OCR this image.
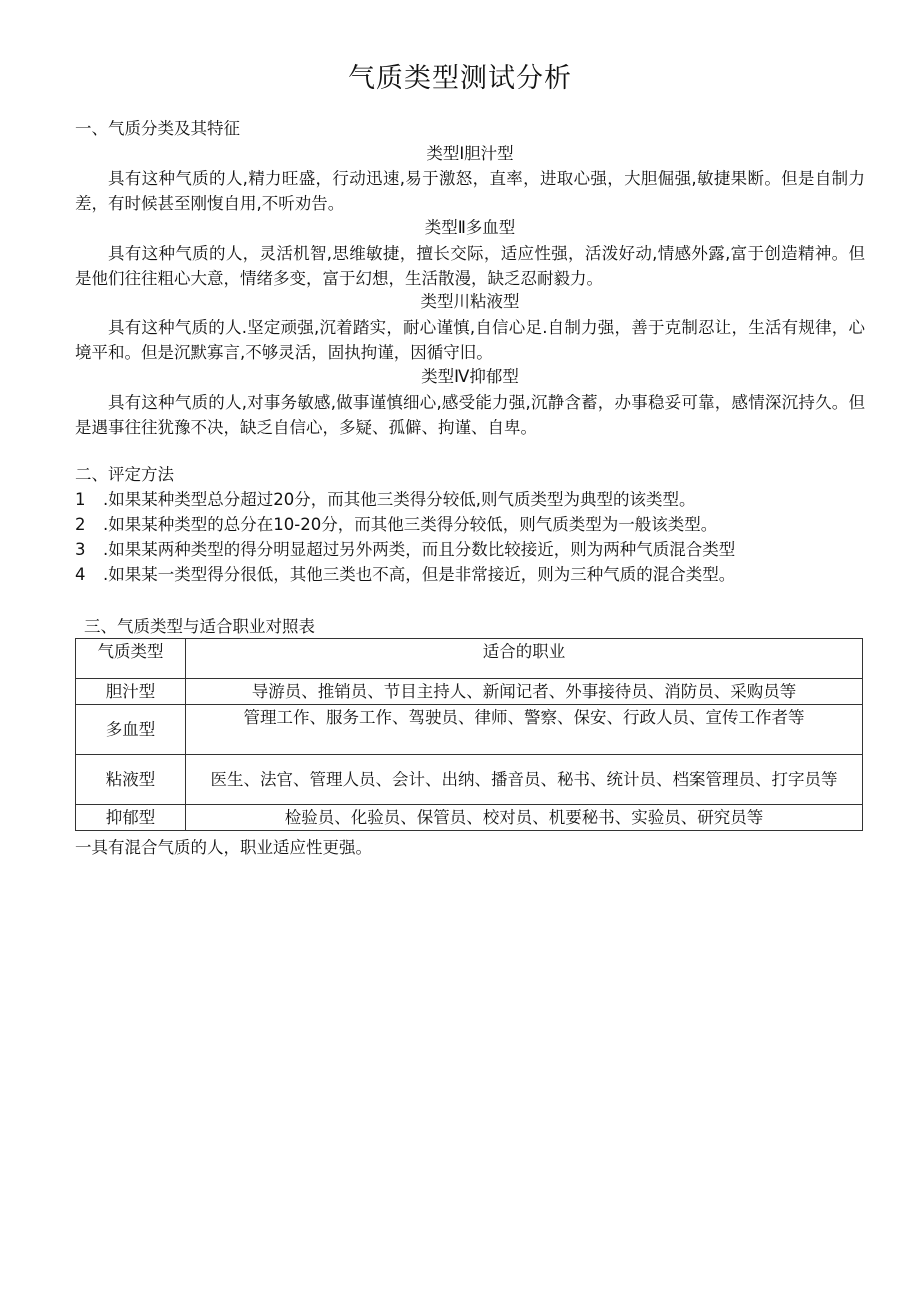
气质类型测试分析
一、气质分类及其特征
类型Ⅰ胆汁型
具有这种气质的人,精力旺盛，行动迅速,易于激怒，直率，进取心强，大胆倔强,敏捷果断。但是自制力差，有时候甚至刚愎自用,不听劝告。
类型Ⅱ多血型
具有这种气质的人，灵活机智,思维敏捷，擅长交际，适应性强，活泼好动,情感外露,富于创造精神。但是他们往往粗心大意，情绪多变，富于幻想，生活散漫，缺乏忍耐毅力。
类型川粘液型
具有这种气质的人.坚定顽强,沉着踏实，耐心谨慎,自信心足.自制力强，善于克制忍让，生活有规律，心境平和。但是沉默寡言,不够灵活，固执拘谨，因循守旧。
类型Ⅳ抑郁型
具有这种气质的人,对事务敏感,做事谨慎细心,感受能力强,沉静含蓄，办事稳妥可靠，感情深沉持久。但是遇事往往犹豫不决，缺乏自信心，多疑、孤僻、拘谨、自卑。
二、评定方法
1 .如果某种类型总分超过20分，而其他三类得分较低,则气质类型为典型的该类型。
2 .如果某种类型的总分在10-20分，而其他三类得分较低，则气质类型为一般该类型。
3 .如果某两种类型的得分明显超过另外两类，而且分数比较接近，则为两种气质混合类型
4 .如果某一类型得分很低，其他三类也不高，但是非常接近，则为三种气质的混合类型。
三、气质类型与适合职业对照表
气质类型	适合的职业
胆汁型	导游员、推销员、节目主持人、新闻记者、外事接待员、消防员、采购员等
多血型	管理工作、服务工作、驾驶员、律师、警察、保安、行政人员、宣传工作者等
粘液型	医生、法官、管理人员、会计、出纳、播音员、秘书、统计员、档案管理员、打字员等
抑郁型	检验员、化验员、保管员、校对员、机要秘书、实验员、研究员等
一具有混合气质的人，职业适应性更强。
